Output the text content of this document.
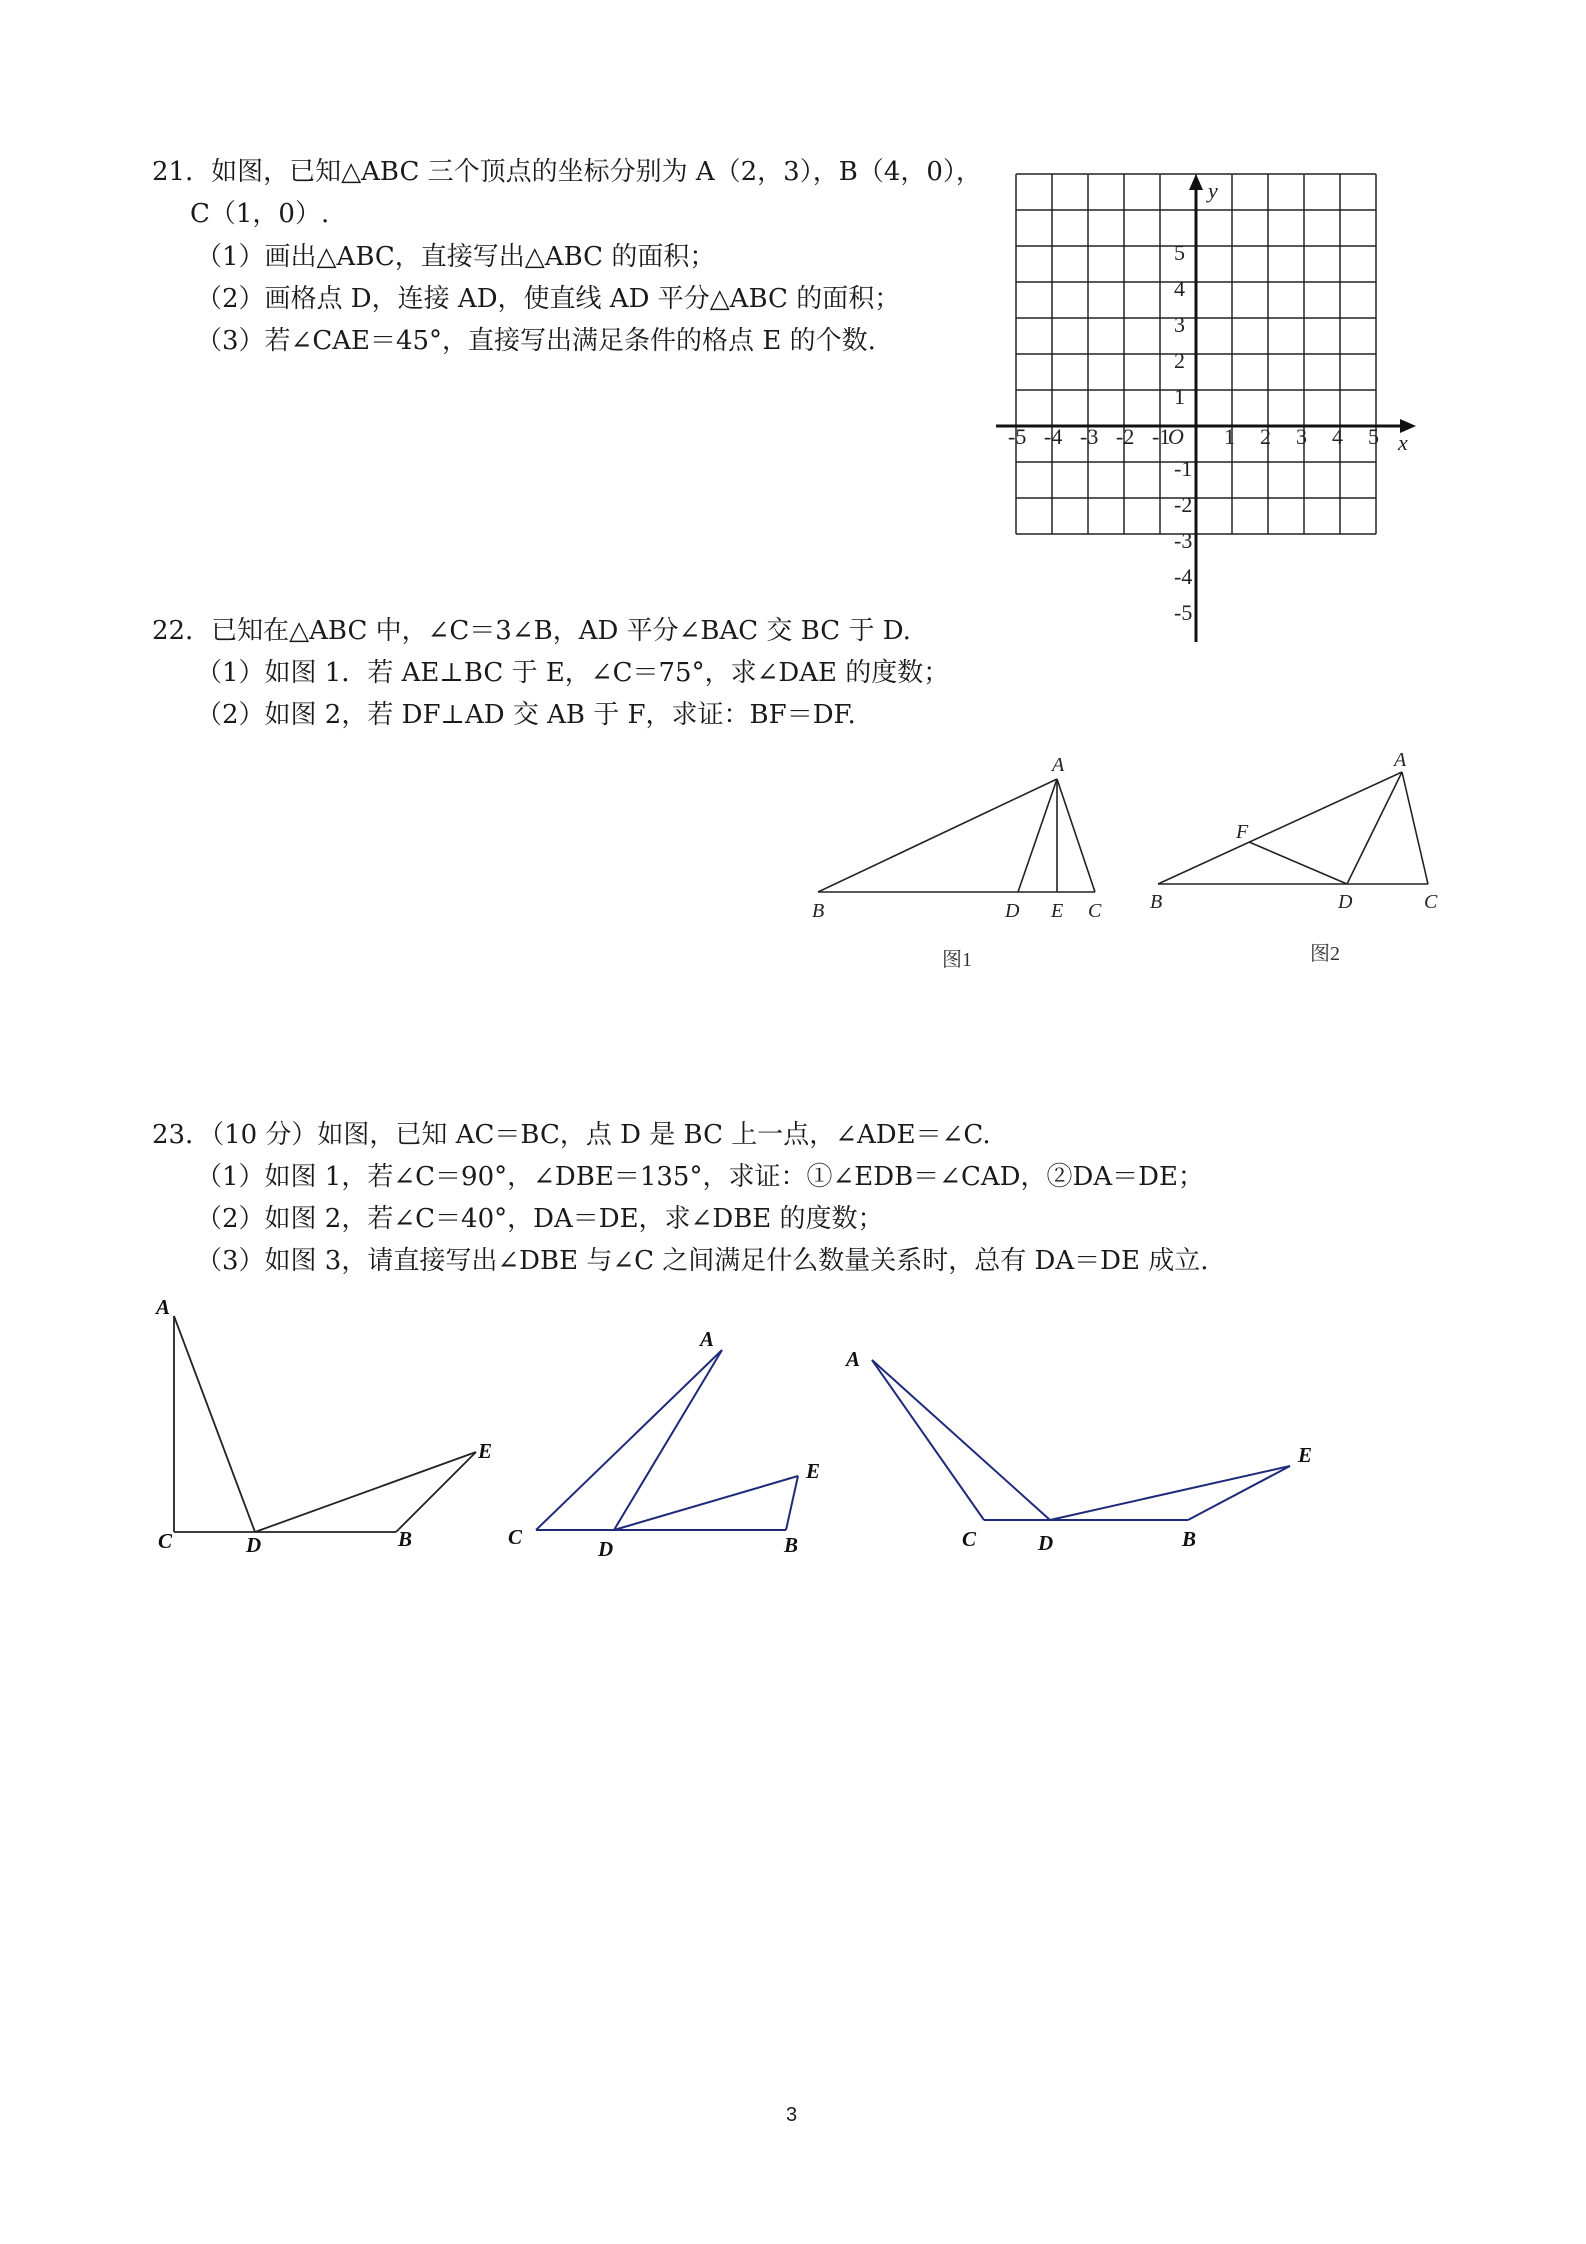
21．如图，已知△ABC 三个顶点的坐标分别为 A（2，3），B（4，0），
C（1，0）.
（1）画出△ABC，直接写出△ABC 的面积；
（2）画格点 D，连接 AD，使直线 AD 平分△ABC 的面积；
（3）若∠CAE＝45°，直接写出满足条件的格点 E 的个数.
-5 -4 -3 -2 -1 1 2 3 4 5
5
4
3
2
1
-1
-2
-3
-4
-5
O	x
y
22．已知在△ABC 中，∠C＝3∠B，AD 平分∠BAC 交 BC 于 D.
（1）如图 1．若 AE⊥BC 于 E，∠C＝75°，求∠DAE 的度数；
（2）如图 2，若 DF⊥AD 交 AB 于 F，求证：BF＝DF.
A
B	D E C
图1
A
F
B	D	C
图2
23．（10 分）如图，已知 AC＝BC，点 D 是 BC 上一点，∠ADE＝∠C.
（1）如图 1，若∠C＝90°，∠DBE＝135°，求证：①∠EDB＝∠CAD，②DA＝DE；
（2）如图 2，若∠C＝40°，DA＝DE，求∠DBE 的度数；
（3）如图 3，请直接写出∠DBE 与∠C 之间满足什么数量关系时，总有 DA＝DE 成立.
A
C	D	B
E
A
E
C	D	B
A
E
C	D	B
3
